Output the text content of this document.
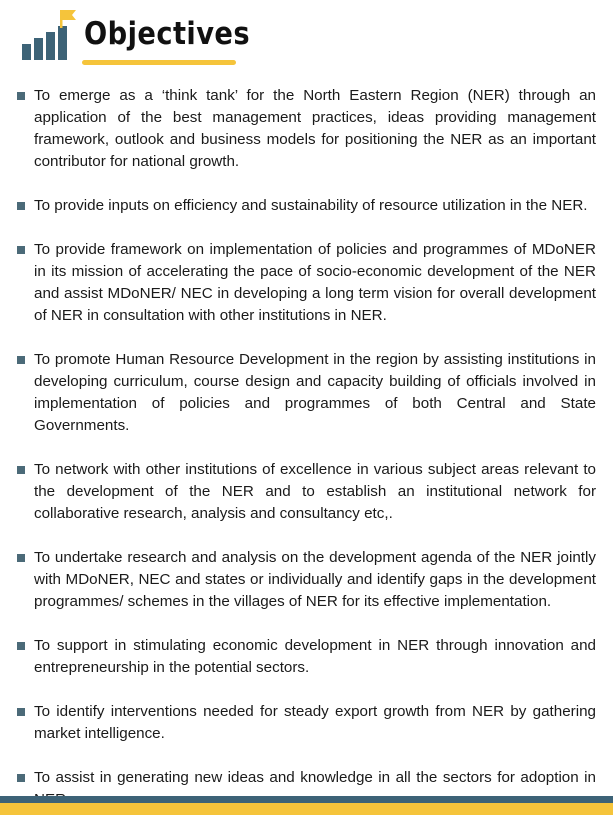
Objectives
To emerge as a ‘think tank’ for the North Eastern Region (NER) through an application of the best management practices, ideas providing management framework, outlook and business models for positioning the NER as an important contributor for national growth.
To provide inputs on efficiency and sustainability of resource utilization in the NER.
To provide framework on implementation of policies and programmes of MDoNER in its mission of accelerating the pace of socio-economic development of the NER and assist MDoNER/ NEC in developing a long term vision for overall development of NER in consultation with other institutions in NER.
To promote Human Resource Development in the region by assisting institutions in developing curriculum, course design and capacity building of officials involved in implementation of policies and programmes of both Central and State Governments.
To network with other institutions of excellence in various subject areas relevant to the development of the NER and to establish an institutional network for collaborative research, analysis and consultancy etc,.
To undertake research and analysis on the development agenda of the NER jointly with MDoNER, NEC and states or individually and identify gaps in the development programmes/ schemes in the villages of NER for its effective implementation.
To support in stimulating economic development in NER through innovation and entrepreneurship in the potential sectors.
To identify interventions needed for steady export growth from NER by gathering market intelligence.
To assist in generating new ideas and knowledge in all the sectors for adoption in
